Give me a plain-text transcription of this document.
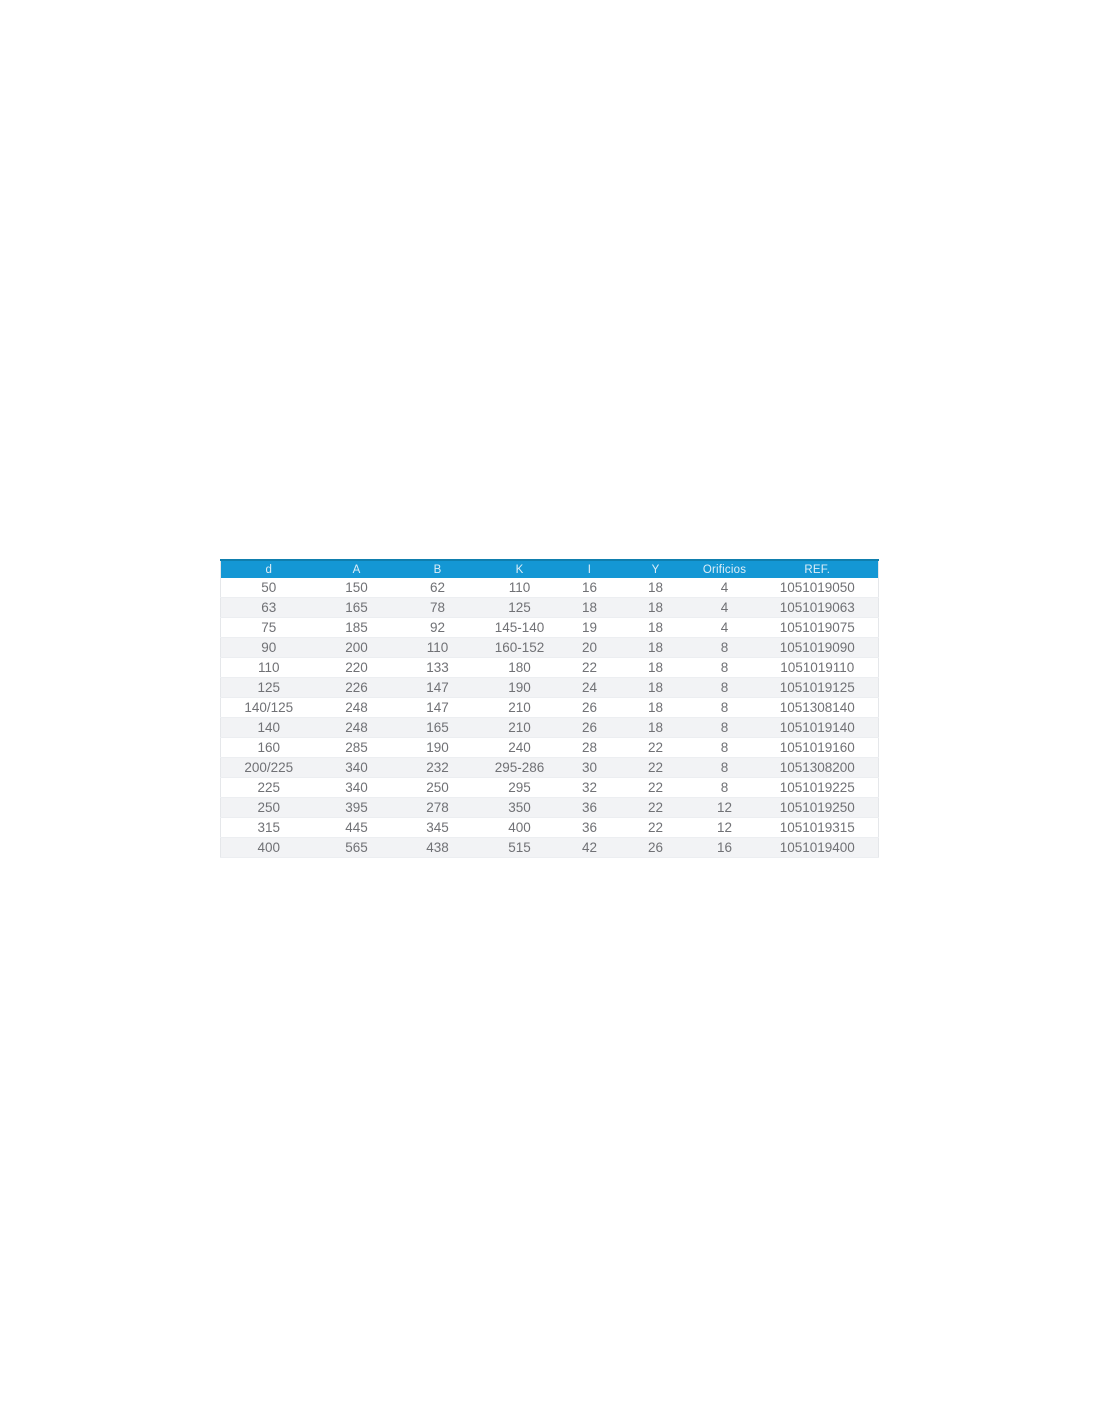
d	A	B	K	I	Y	Orificios	REF.
50	150	62	110	16	18	4	1051019050
63	165	78	125	18	18	4	1051019063
75	185	92	145-140	19	18	4	1051019075
90	200	110	160-152	20	18	8	1051019090
110	220	133	180	22	18	8	1051019110
125	226	147	190	24	18	8	1051019125
140/125	248	147	210	26	18	8	1051308140
140	248	165	210	26	18	8	1051019140
160	285	190	240	28	22	8	1051019160
200/225	340	232	295-286	30	22	8	1051308200
225	340	250	295	32	22	8	1051019225
250	395	278	350	36	22	12	1051019250
315	445	345	400	36	22	12	1051019315
400	565	438	515	42	26	16	1051019400
